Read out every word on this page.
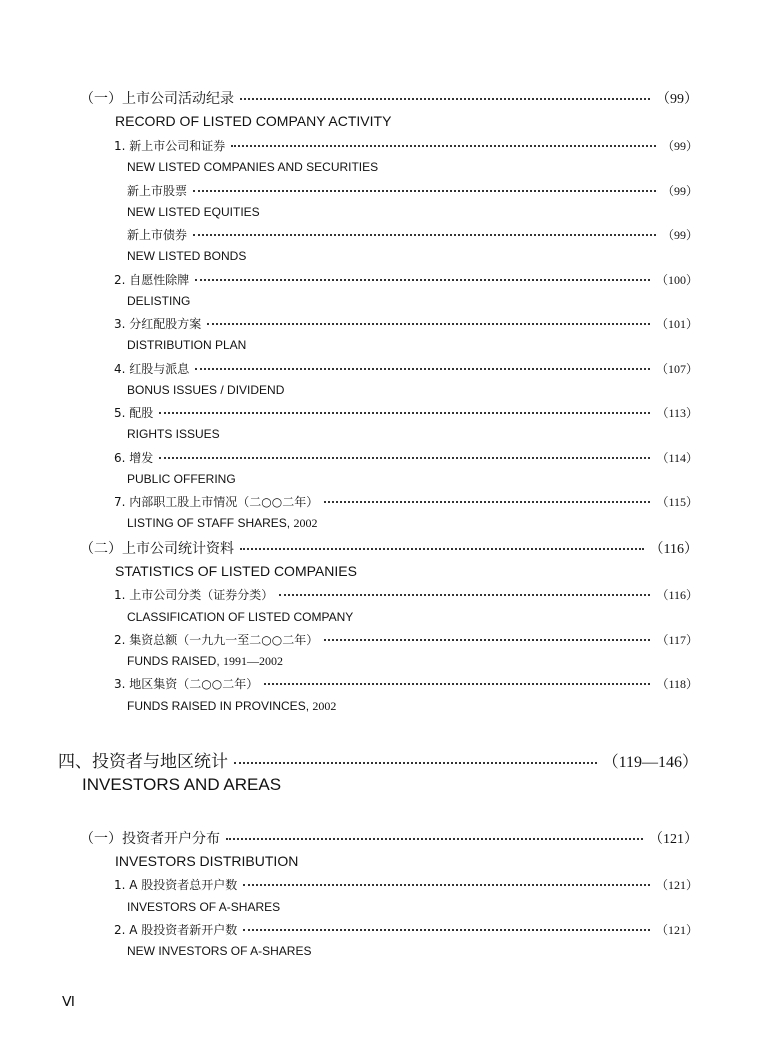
（一）上市公司活动纪录	（99）
RECORD OF LISTED COMPANY ACTIVITY
1. 新上市公司和证券	（99）
NEW LISTED COMPANIES AND SECURITIES
新上市股票	（99）
NEW LISTED EQUITIES
新上市债券	（99）
NEW LISTED BONDS
2. 自愿性除牌	（100）
DELISTING
3. 分红配股方案	（101）
DISTRIBUTION PLAN
4. 红股与派息	（107）
BONUS ISSUES / DIVIDEND
5. 配股	（113）
RIGHTS ISSUES
6. 增发	（114）
PUBLIC OFFERING
7. 内部职工股上市情况（二○○二年）	（115）
LISTING OF STAFF SHARES, 2002
（二）上市公司统计资料	（116）
STATISTICS OF LISTED COMPANIES
1. 上市公司分类（证券分类）	（116）
CLASSIFICATION OF LISTED COMPANY
2. 集资总额（一九九一至二○○二年）	（117）
FUNDS RAISED, 1991—2002
3. 地区集资（二○○二年）	（118）
FUNDS RAISED IN PROVINCES, 2002
四、投资者与地区统计	（119—146）
INVESTORS AND AREAS
（一）投资者开户分布	（121）
INVESTORS DISTRIBUTION
1. A 股投资者总开户数	（121）
INVESTORS OF A-SHARES
2. A 股投资者新开户数	（121）
NEW INVESTORS OF A-SHARES
Ⅵ
